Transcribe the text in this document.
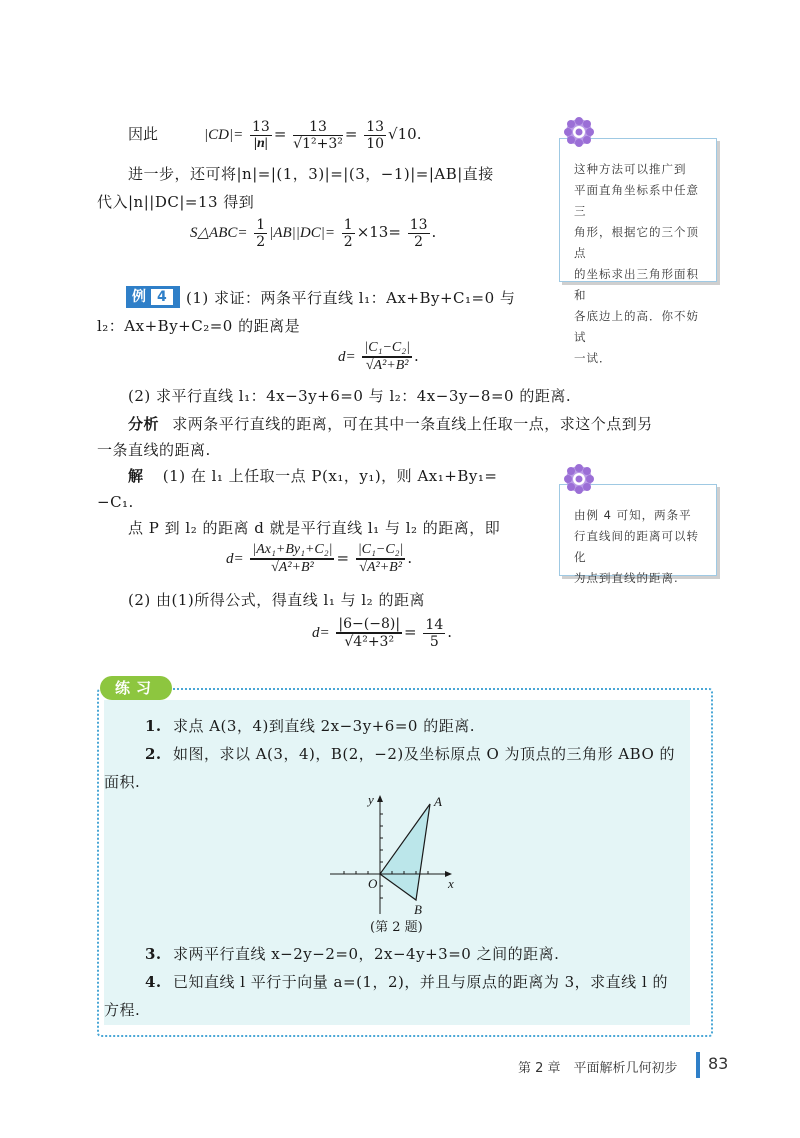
因此	$|CD|= \frac{13}{|n|} = \frac{13}{\text{√1²+3²}} = \frac{13}{10} √10$.
进一步，还可将|n|=|(1，3)|=|(3，−1)|=|AB|直接
代入|n||DC|=13 得到
S△ABC= $\frac{1}{2} |AB||DC|= \frac{1}{2} \times 13= \frac{13}{2}$ .
这种方法可以推广到
平面直角坐标系中任意三
角形，根据它的三个顶点
的坐标求出三角形面积和
各底边上的高．你不妨试
一试．
例 4	(1) 求证：两条平行直线 l₁：Ax+By+C₁=0 与
l₂：Ax+By+C₂=0 的距离是
$d= \frac{\text{|C₁−C₂|}}{\text{√A²+B²}}$ .
(2) 求平行直线 l₁：4x−3y+6=0 与 l₂：4x−3y−8=0 的距离.
分析 求两条平行直线的距离，可在其中一条直线上任取一点，求这个点到另
一条直线的距离.
解 (1) 在 l₁ 上任取一点 P(x₁，y₁)，则 Ax₁+By₁=
−C₁.
点 P 到 l₂ 的距离 d 就是平行直线 l₁ 与 l₂ 的距离，即
$d= \frac{\text{|Ax₁+By₁+C₂|}}{\text{√A²+B²}} = \frac{\text{|C₁−C₂|}}{\text{√A²+B²}}$ .
(2) 由(1)所得公式，得直线 l₁ 与 l₂ 的距离
$d= \frac{|6-(-8)|}{\text{√4²+3²}} = \frac{14}{5}$ .
由例 4 可知，两条平
行直线间的距离可以转化
为点到直线的距离.
练习
1. 求点 A(3，4)到直线 2x−3y+6=0 的距离.
2. 如图，求以 A(3，4)，B(2，−2)及坐标原点 O 为顶点的三角形 ABO 的
面积.
y
x
O
A
B
(第 2 题)
3. 求两平行直线 x−2y−2=0，2x−4y+3=0 之间的距离.
4. 已知直线 l 平行于向量 a=(1，2)，并且与原点的距离为 3，求直线 l 的
方程.
第 2 章　平面解析几何初步 83
